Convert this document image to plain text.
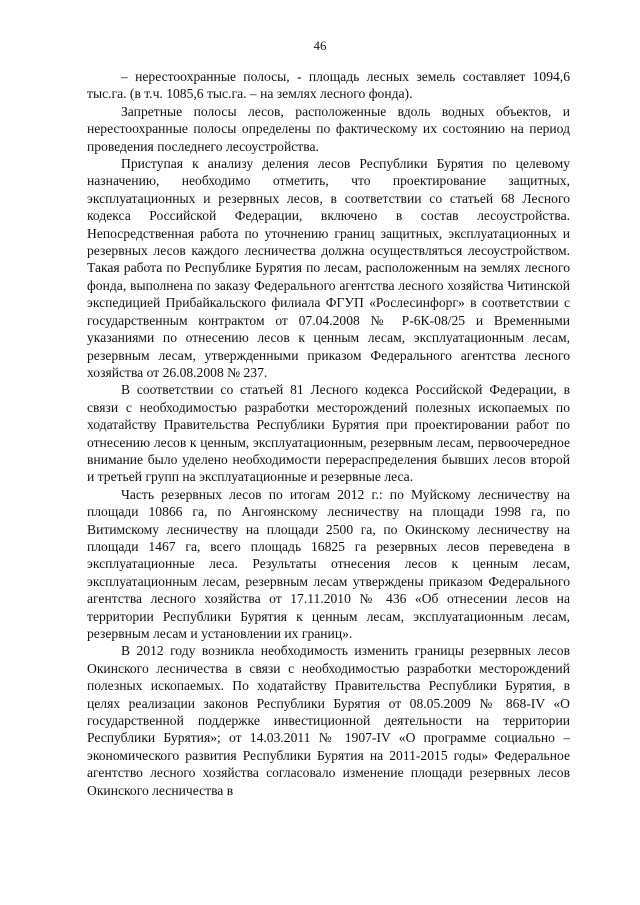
46

– нерестоохранные полосы, - площадь лесных земель составляет 1094,6 тыс.га. (в т.ч. 1085,6 тыс.га. – на землях лесного фонда).

Запретные полосы лесов, расположенные вдоль водных объектов, и нерестоохранные полосы определены по фактическому их состоянию на период проведения последнего лесоустройства.

Приступая к анализу деления лесов Республики Бурятия по целевому назначению, необходимо отметить, что проектирование защитных, эксплуатационных и резервных лесов, в соответствии со статьей 68 Лесного кодекса Российской Федерации, включено в состав лесоустройства. Непосредственная работа по уточнению границ защитных, эксплуатационных и резервных лесов каждого лесничества должна осуществляться лесоустройством. Такая работа по Республике Бурятия по лесам, расположенным на землях лесного фонда, выполнена по заказу Федерального агентства лесного хозяйства Читинской экспедицией Прибайкальского филиала ФГУП «Рослесинфорг» в соответствии с государственным контрактом от 07.04.2008 № Р-6К-08/25 и Временными указаниями по отнесению лесов к ценным лесам, эксплуатационным лесам, резервным лесам, утвержденными приказом Федерального агентства лесного хозяйства от 26.08.2008 № 237.

В соответствии со статьей 81 Лесного кодекса Российской Федерации, в связи с необходимостью разработки месторождений полезных ископаемых по ходатайству Правительства Республики Бурятия при проектировании работ по отнесению лесов к ценным, эксплуатационным, резервным лесам, первоочередное внимание было уделено необходимости перераспределения бывших лесов второй и третьей групп на эксплуатационные и резервные леса.

Часть резервных лесов по итогам 2012 г.: по Муйскому лесничеству на площади 10866 га, по Ангоянскому лесничеству на площади 1998 га, по Витимскому лесничеству на площади 2500 га, по Окинскому лесничеству на площади 1467 га, всего площадь 16825 га резервных лесов переведена в эксплуатационные леса. Результаты отнесения лесов к ценным лесам, эксплуатационным лесам, резервным лесам утверждены приказом Федерального агентства лесного хозяйства от 17.11.2010 № 436 «Об отнесении лесов на территории Республики Бурятия к ценным лесам, эксплуатационным лесам, резервным лесам и установлении их границ».

В 2012 году возникла необходимость изменить границы резервных лесов Окинского лесничества в связи с необходимостью разработки месторождений полезных ископаемых. По ходатайству Правительства Республики Бурятия, в целях реализации законов Республики Бурятия от 08.05.2009 № 868-IV «О государственной поддержке инвестиционной деятельности на территории Республики Бурятия»; от 14.03.2011 № 1907-IV «О программе социально – экономического развития Республики Бурятия на 2011-2015 годы» Федеральное агентство лесного хозяйства согласовало изменение площади резервных лесов Окинского лесничества в
